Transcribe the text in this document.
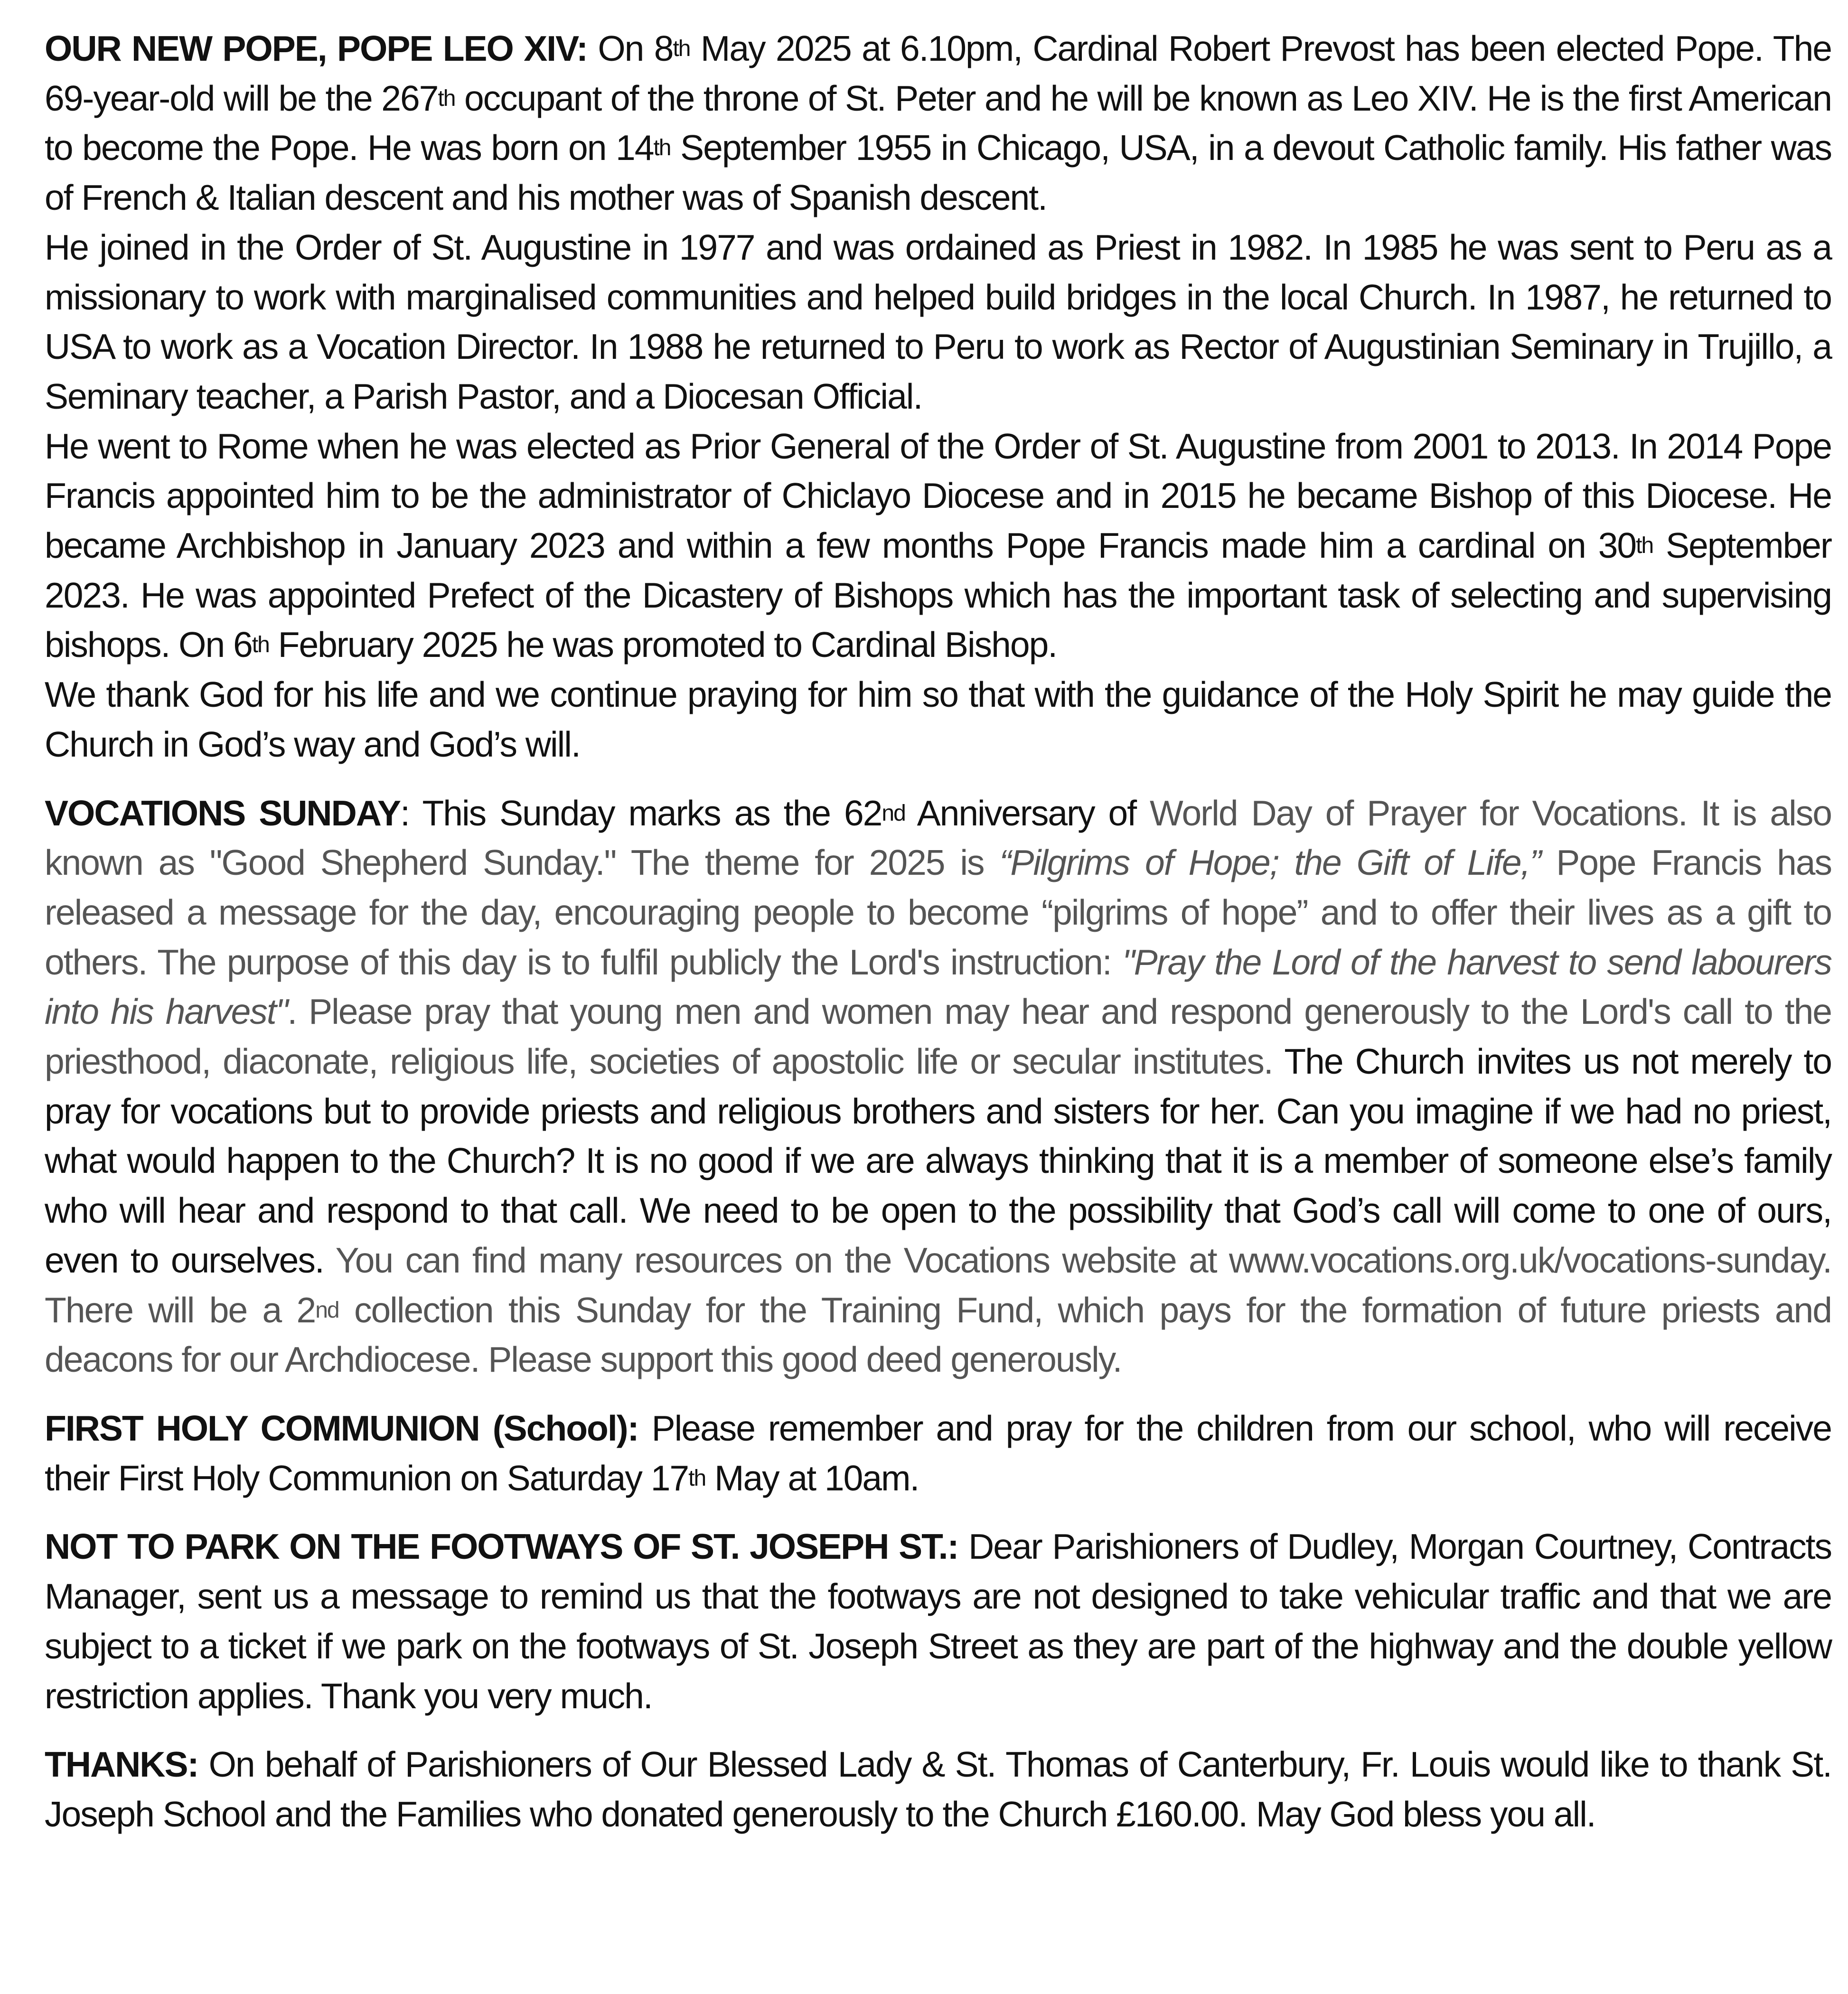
OUR NEW POPE, POPE LEO XIV: On 8th May 2025 at 6.10pm, Cardinal Robert Prevost has been elected Pope. The 69-year-old will be the 267th occupant of the throne of St. Peter and he will be known as Leo XIV. He is the first American to become the Pope. He was born on 14th September 1955 in Chicago, USA, in a devout Catholic family. His father was of French & Italian descent and his mother was of Spanish descent.

He joined in the Order of St. Augustine in 1977 and was ordained as Priest in 1982. In 1985 he was sent to Peru as a missionary to work with marginalised communities and helped build bridges in the local Church. In 1987, he returned to USA to work as a Vocation Director. In 1988 he returned to Peru to work as Rector of Augustinian Seminary in Trujillo, a Seminary teacher, a Parish Pastor, and a Diocesan Official.

He went to Rome when he was elected as Prior General of the Order of St. Augustine from 2001 to 2013. In 2014 Pope Francis appointed him to be the administrator of Chiclayo Diocese and in 2015 he became Bishop of this Diocese. He became Archbishop in January 2023 and within a few months Pope Francis made him a cardinal on 30th September 2023. He was appointed Prefect of the Dicastery of Bishops which has the important task of selecting and supervising bishops. On 6th February 2025 he was promoted to Cardinal Bishop.

We thank God for his life and we continue praying for him so that with the guidance of the Holy Spirit he may guide the Church in God’s way and God’s will.

VOCATIONS SUNDAY: This Sunday marks as the 62nd Anniversary of World Day of Prayer for Vocations. It is also known as "Good Shepherd Sunday." The theme for 2025 is “Pilgrims of Hope; the Gift of Life,” Pope Francis has released a message for the day, encouraging people to become “pilgrims of hope” and to offer their lives as a gift to others. The purpose of this day is to fulfil publicly the Lord's instruction: "Pray the Lord of the harvest to send labourers into his harvest". Please pray that young men and women may hear and respond generously to the Lord's call to the priesthood, diaconate, religious life, societies of apostolic life or secular institutes. The Church invites us not merely to pray for vocations but to provide priests and religious brothers and sisters for her. Can you imagine if we had no priest, what would happen to the Church? It is no good if we are always thinking that it is a member of someone else’s family who will hear and respond to that call. We need to be open to the possibility that God’s call will come to one of ours, even to ourselves. You can find many resources on the Vocations website at www.vocations.org.uk/vocations-sunday. There will be a 2nd collection this Sunday for the Training Fund, which pays for the formation of future priests and deacons for our Archdiocese. Please support this good deed generously.

FIRST HOLY COMMUNION (School): Please remember and pray for the children from our school, who will receive their First Holy Communion on Saturday 17th May at 10am.

NOT TO PARK ON THE FOOTWAYS OF ST. JOSEPH ST.: Dear Parishioners of Dudley, Morgan Courtney, Contracts Manager, sent us a message to remind us that the footways are not designed to take vehicular traffic and that we are subject to a ticket if we park on the footways of St. Joseph Street as they are part of the highway and the double yellow restriction applies. Thank you very much.

THANKS: On behalf of Parishioners of Our Blessed Lady & St. Thomas of Canterbury, Fr. Louis would like to thank St. Joseph School and the Families who donated generously to the Church £160.00. May God bless you all.
